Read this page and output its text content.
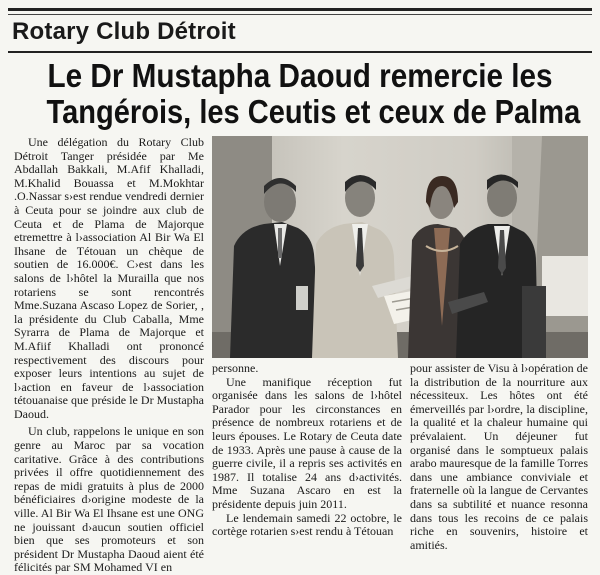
Rotary Club Détroit
Le Dr Mustapha Daoud remercie les
Tangérois, les Ceutis et ceux de Palma

Une délégation du Rotary Club Détroit Tanger présidée par Me Abdallah Bakkali, M.Afif Khalladi, M.Khalid Bouassa et M.Mokhtar .O.Nassar s›est rendue vendredi dernier à Ceuta pour se joindre aux club de Ceuta et de Plama de Majorque etremettre à l›association Al Bir Wa El Ihsane de Tétouan un chèque de soutien de 16.000€. C›est dans les salons de l›hôtel la Murailla que nos rotariens se sont rencontrés Mme.Suzana Ascaso Lopez de Sorier, , la présidente du Club Caballa, Mme Syrarra de Plama de Majorque et M.Afiif Khalladi ont prononcé respectivement des discours pour exposer leurs intentions au sujet de l›action en faveur de l›association tétouanaise que préside le Dr Mustapha Daoud.

Un club, rappelons le unique en son genre au Maroc par sa vocation caritative. Grâce à des contributions privées il offre quotidiennement des repas de midi gratuits à plus de 2000 bénéficiaires d›origine modeste de la ville. Al Bir Wa El Ihsane est une ONG ne jouissant d›aucun soutien officiel bien que ses promoteurs et son président Dr Mustapha Daoud aient été félicités par SM Mohamed VI en

personne.

Une manifique réception fut organisée dans les salons de l›hôtel Parador pour les circonstances en présence de nombreux rotariens et de leurs épouses. Le Rotary de Ceuta date de 1933. Après une pause à cause de la guerre civile, il a repris ses activités en 1987. Il totalise 24 ans d›activités. Mme Suzana Ascaro en est la présidente depuis juin 2011.

Le lendemain samedi 22 octobre, le cortège rotarien s›est rendu à Tétouan

pour assister de Visu à l›opération de la distribution de la nourriture aux nécessiteux. Les hôtes ont été émerveillés par l›ordre, la discipline, la qualité et la chaleur humaine qui prévalaient. Un déjeuner fut organisé dans le somptueux palais arabo mauresque de la famille Torres dans une ambiance conviviale et fraternelle où la langue de Cervantes dans sa subtilité et nuance resonna dans tous les recoins de ce palais riche en souvenirs, histoire et amitiés.
